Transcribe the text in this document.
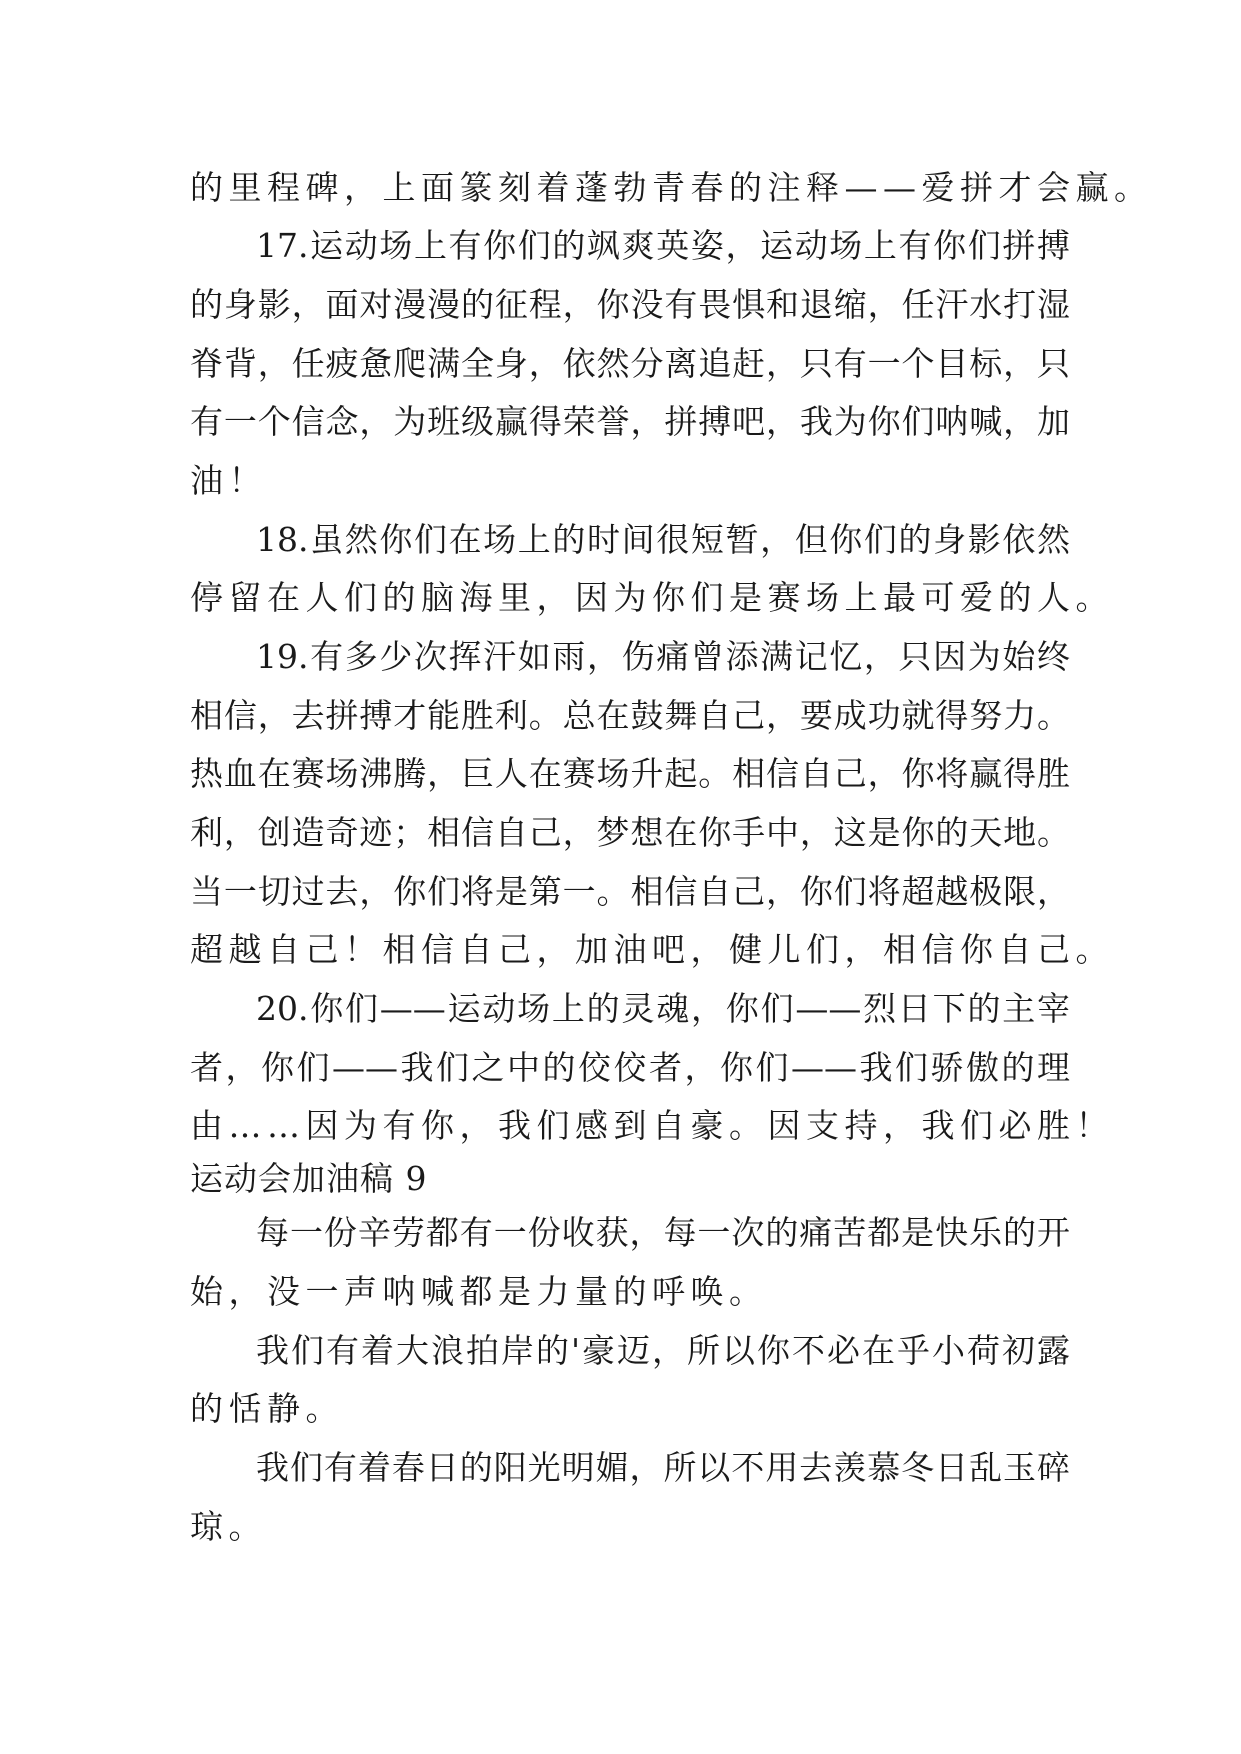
的里程碑，上面篆刻着蓬勃青春的注释——爱拼才会赢。
17.运动场上有你们的飒爽英姿，运动场上有你们拼搏
的身影，面对漫漫的征程，你没有畏惧和退缩，任汗水打湿
脊背，任疲惫爬满全身，依然分离追赶，只有一个目标，只
有一个信念，为班级赢得荣誉，拼搏吧，我为你们呐喊，加
油！
18.虽然你们在场上的时间很短暂，但你们的身影依然
停留在人们的脑海里，因为你们是赛场上最可爱的人。
19.有多少次挥汗如雨，伤痛曾添满记忆，只因为始终
相信，去拼搏才能胜利。总在鼓舞自己，要成功就得努力。
热血在赛场沸腾，巨人在赛场升起。相信自己，你将赢得胜
利，创造奇迹；相信自己，梦想在你手中，这是你的天地。
当一切过去，你们将是第一。相信自己，你们将超越极限，
超越自己！相信自己，加油吧，健儿们，相信你自己。
20.你们——运动场上的灵魂，你们——烈日下的主宰
者，你们——我们之中的佼佼者，你们——我们骄傲的理
由……因为有你，我们感到自豪。因支持，我们必胜！
运动会加油稿 9
每一份辛劳都有一份收获，每一次的痛苦都是快乐的开
始，没一声呐喊都是力量的呼唤。
我们有着大浪拍岸的'豪迈，所以你不必在乎小荷初露
的恬静。
我们有着春日的阳光明媚，所以不用去羡慕冬日乱玉碎
琼。
